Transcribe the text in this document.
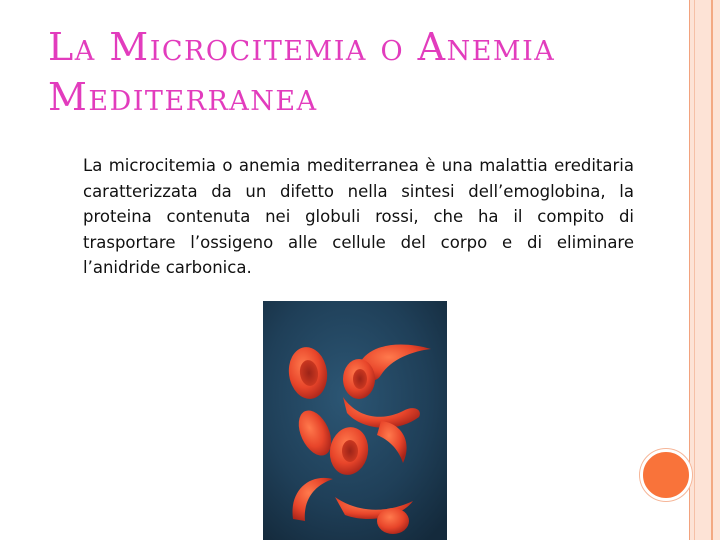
La Microcitemia o Anemia Mediterranea

La microcitemia o anemia mediterranea è una malattia ereditaria caratterizzata da un difetto nella sintesi dell’emoglobina, la proteina contenuta nei globuli rossi, che ha il compito di trasportare l’ossigeno alle cellule del corpo e di eliminare l’anidride carbonica.
